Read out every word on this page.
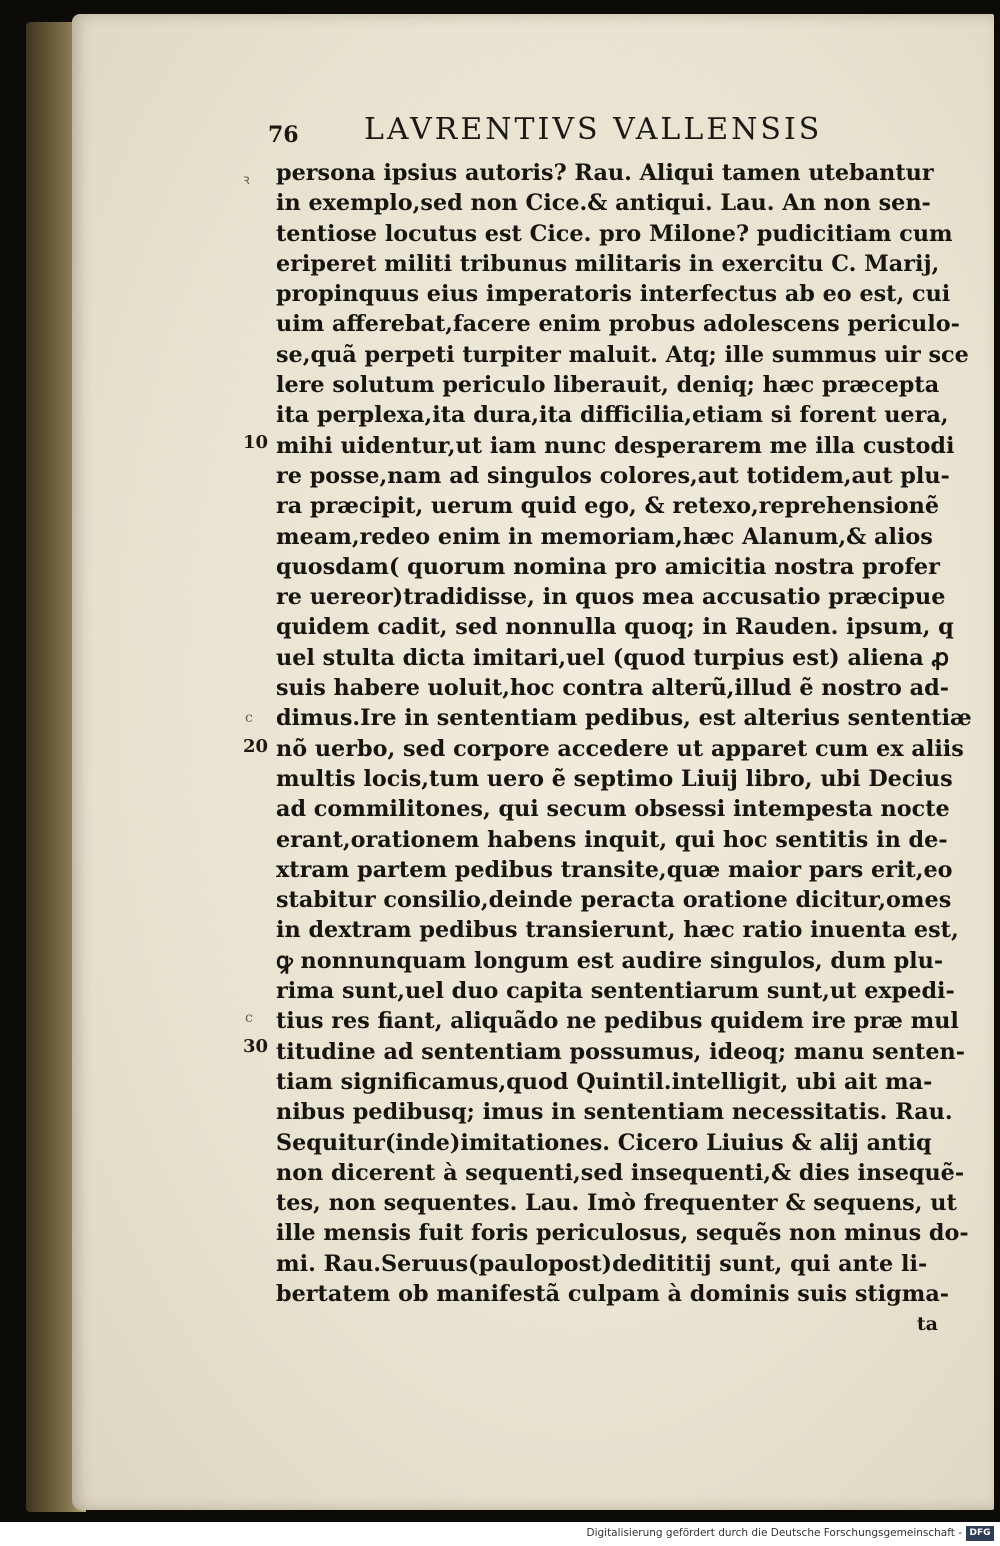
76 LAVRENTIVS VALLENSIS
ꝛ
10
c
20
c
30
persona ipsius autoris? Rau. Aliqui tamen utebantur
in exemplo,sed non Cice.& antiqui. Lau. An non sen-
tentiose locutus est Cice. pro Milone? pudicitiam cum
eriperet militi tribunus militaris in exercitu C. Marij,
propinquus eius imperatoris interfectus ab eo est, cui
uim afferebat,facere enim probus adolescens periculo-
se,quã perpeti turpiter maluit. Atq; ille summus uir sce
lere solutum periculo liberauit, deniq; hæc præcepta
ita perplexa,ita dura,ita difficilia,etiam si forent uera,
mihi uidentur,ut iam nunc desperarem me illa custodi
re posse,nam ad singulos colores,aut totidem,aut plu-
ra præcipit, uerum quid ego, & retexo,reprehensionẽ
meam,redeo enim in memoriam,hæc Alanum,& alios
quosdam( quorum nomina pro amicitia nostra profer
re uereor)tradidisse, in quos mea accusatio præcipue
quidem cadit, sed nonnulla quoq; in Rauden. ipsum, q
uel stulta dicta imitari,uel (quod turpius est) aliena ꝓ
suis habere uoluit,hoc contra alterũ,illud ẽ nostro ad-
dimus.Ire in sententiam pedibus, est alterius sententiæ
nõ uerbo, sed corpore accedere ut apparet cum ex aliis
multis locis,tum uero ẽ septimo Liuij libro, ubi Decius
ad commilitones, qui secum obsessi intempesta nocte
erant,orationem habens inquit, qui hoc sentitis in de-
xtram partem pedibus transite,quæ maior pars erit,eo
stabitur consilio,deinde peracta oratione dicitur,omes
in dextram pedibus transierunt, hæc ratio inuenta est,
ꝙ nonnunquam longum est audire singulos, dum plu-
rima sunt,uel duo capita sententiarum sunt,ut expedi-
tius res fiant, aliquãdo ne pedibus quidem ire præ mul
titudine ad sententiam possumus, ideoq; manu senten-
tiam significamus,quod Quintil.intelligit, ubi ait ma-
nibus pedibusq; imus in sententiam necessitatis. Rau.
Sequitur(inde)imitationes. Cicero Liuius & alij antiq
non dicerent à sequenti,sed insequenti,& dies insequẽ-
tes, non sequentes. Lau. Imò frequenter & sequens, ut
ille mensis fuit foris periculosus, sequẽs non minus do-
mi. Rau.Seruus(paulopost)dedititij sunt, qui ante li-
bertatem ob manifestã culpam à dominis suis stigma-
ta
Digitalisierung gefördert durch die Deutsche Forschungsgemeinschaft - DFG
